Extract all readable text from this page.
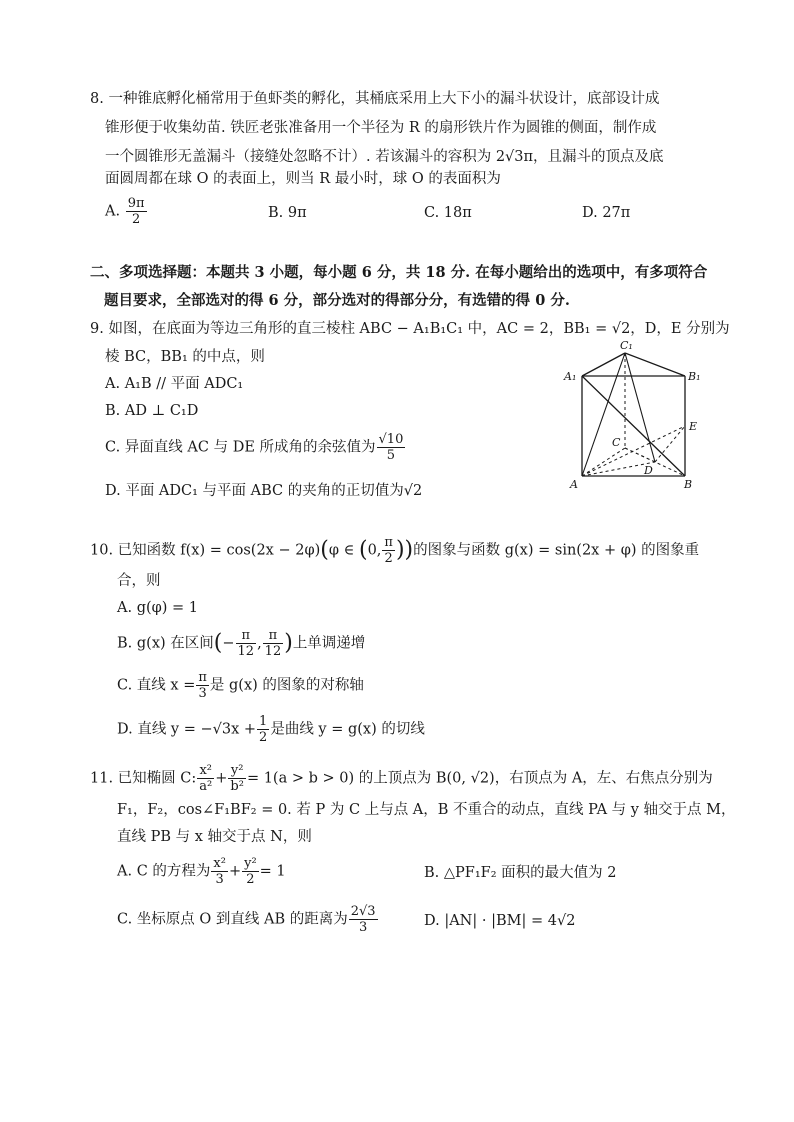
8. 一种锥底孵化桶常用于鱼虾类的孵化，其桶底采用上大下小的漏斗状设计，底部设计成
锥形便于收集幼苗. 铁匠老张准备用一个半径为 R 的扇形铁片作为圆锥的侧面，制作成
一个圆锥形无盖漏斗（接缝处忽略不计）. 若该漏斗的容积为 2√3π，且漏斗的顶点及底
面圆周都在球 O 的表面上，则当 R 最小时，球 O 的表面积为
A. $\frac{9\pi}{2}$	B. 9π	C. 18π	D. 27π
二、多项选择题：本题共 3 小题，每小题 6 分，共 18 分. 在每小题给出的选项中，有多项符合
题目要求，全部选对的得 6 分，部分选对的得部分分，有选错的得 0 分.
9. 如图，在底面为等边三角形的直三棱柱 ABC − A₁B₁C₁ 中，AC = 2，BB₁ = √2，D，E 分别为
棱 BC，BB₁ 的中点，则
A. A₁B // 平面 ADC₁
B. AD ⊥ C₁D
C. 异面直线 AC 与 DE 所成角的余弦值为 $\frac{√10}{5}$
D. 平面 ADC₁ 与平面 ABC 的夹角的正切值为√2
C₁
A₁	B₁
E
C
D
A	B
10. 已知函数 f(x) = cos(2x − 2φ)(φ ∈ (0, $\frac{\pi}{2}$ ))的图象与函数 g(x) = sin(2x + φ) 的图象重
合，则
A. g(φ) = 1
B. g(x) 在区间(− $\frac{\pi}{12}$ , $\frac{\pi}{12}$ )上单调递增
C. 直线 $x = \frac{\pi}{3}$ 是 g(x) 的图象的对称轴
D. 直线 $y = -√3x + \frac{1}{2}$ 是曲线 y = g(x) 的切线
11. 已知椭圆 C: $\frac{\text{x²}}{\text{a²}} + \frac{\text{y²}}{\text{b²}} = 1(a > b > 0)$ 的上顶点为 B(0, √2)，右顶点为 A，左、右焦点分别为
F₁，F₂，cos∠F₁BF₂ = 0. 若 P 为 C 上与点 A，B 不重合的动点，直线 PA 与 y 轴交于点 M，
直线 PB 与 x 轴交于点 N，则
A. C 的方程为 $\frac{\text{x²}}{3} + \frac{\text{y²}}{2} = 1$	B. △PF₁F₂ 面积的最大值为 2
C. 坐标原点 O 到直线 AB 的距离为 $\frac{2√3}{3}$	D. |AN| · |BM| = 4√2
